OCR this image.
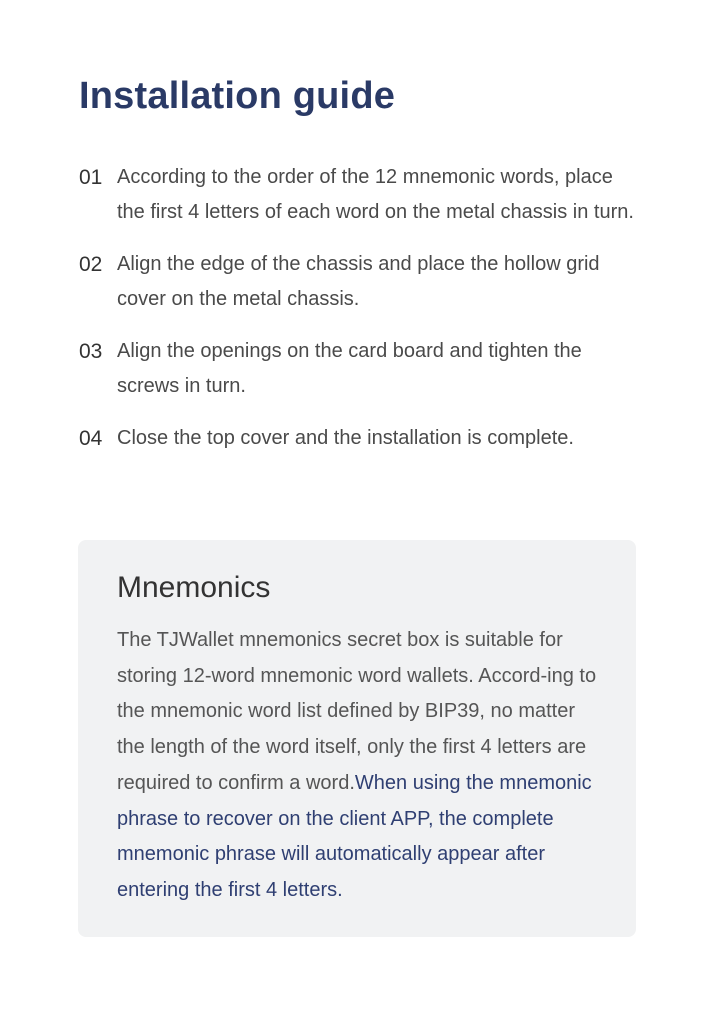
Installation guide
01 According to the order of the 12 mnemonic words, place the first 4 letters of each word on the metal chassis in turn.
02 Align the edge of the chassis and place the hollow grid cover on the metal chassis.
03 Align the openings on the card board and tighten the screws in turn.
04 Close the top cover and the installation is complete.
Mnemonics

The TJWallet mnemonics secret box is suitable for storing 12-word mnemonic word wallets. Accord-ing to the mnemonic word list defined by BIP39, no matter the length of the word itself, only the first 4 letters are required to confirm a word.When using the mnemonic phrase to recover on the client APP, the complete mnemonic phrase will automatically appear after entering the first 4 letters.
